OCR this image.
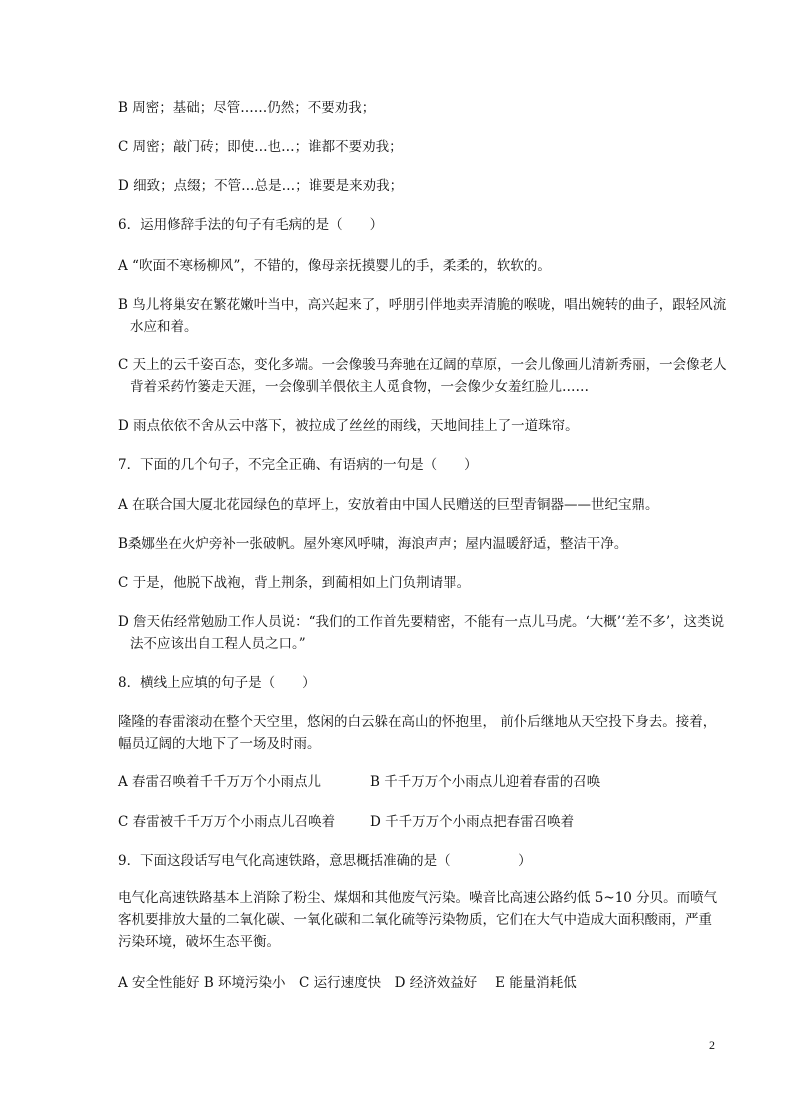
B 周密；基础；尽管……仍然；不要劝我；
C 周密；敲门砖；即使…也…；谁都不要劝我；
D 细致；点缀；不管…总是…；谁要是来劝我；
6．运用修辞手法的句子有毛病的是（　　）
A “吹面不寒杨柳风”，不错的，像母亲抚摸婴儿的手，柔柔的，软软的。
B 鸟儿将巢安在繁花嫩叶当中，高兴起来了，呼朋引伴地卖弄清脆的喉咙，唱出婉转的曲子，跟轻风流水应和着。
C 天上的云千姿百态，变化多端。一会像骏马奔驰在辽阔的草原，一会儿像画儿清新秀丽，一会像老人背着采药竹篓走天涯，一会像驯羊偎依主人觅食物，一会像少女羞红脸儿……
D 雨点依依不舍从云中落下，被拉成了丝丝的雨线，天地间挂上了一道珠帘。
7．下面的几个句子，不完全正确、有语病的一句是（　　）
A 在联合国大厦北花园绿色的草坪上，安放着由中国人民赠送的巨型青铜器——世纪宝鼎。
B桑娜坐在火炉旁补一张破帆。屋外寒风呼啸，海浪声声；屋内温暖舒适，整洁干净。
C 于是，他脱下战袍，背上荆条，到蔺相如上门负荆请罪。
D 詹天佑经常勉励工作人员说：“我们的工作首先要精密，不能有一点儿马虎。‘大概’‘差不多’，这类说法不应该出自工程人员之口。”
8．横线上应填的句子是（　　）
隆隆的春雷滚动在整个天空里，悠闲的白云躲在高山的怀抱里， 前仆后继地从天空投下身去。接着，幅员辽阔的大地下了一场及时雨。
A 春雷召唤着千千万万个小雨点儿	B 千千万万个小雨点儿迎着春雷的召唤
C 春雷被千千万万个小雨点儿召唤着	D 千千万万个小雨点把春雷召唤着
9．下面这段话写电气化高速铁路，意思概括准确的是（　　　　　）
电气化高速铁路基本上消除了粉尘、煤烟和其他废气污染。噪音比高速公路约低 5~10 分贝。而喷气客机要排放大量的二氧化碳、一氧化碳和二氧化硫等污染物质，它们在大气中造成大面积酸雨，严重污染环境，破坏生态平衡。
A 安全性能好 B 环境污染小　C 运行速度快　D 经济效益好　 E 能量消耗低
2
